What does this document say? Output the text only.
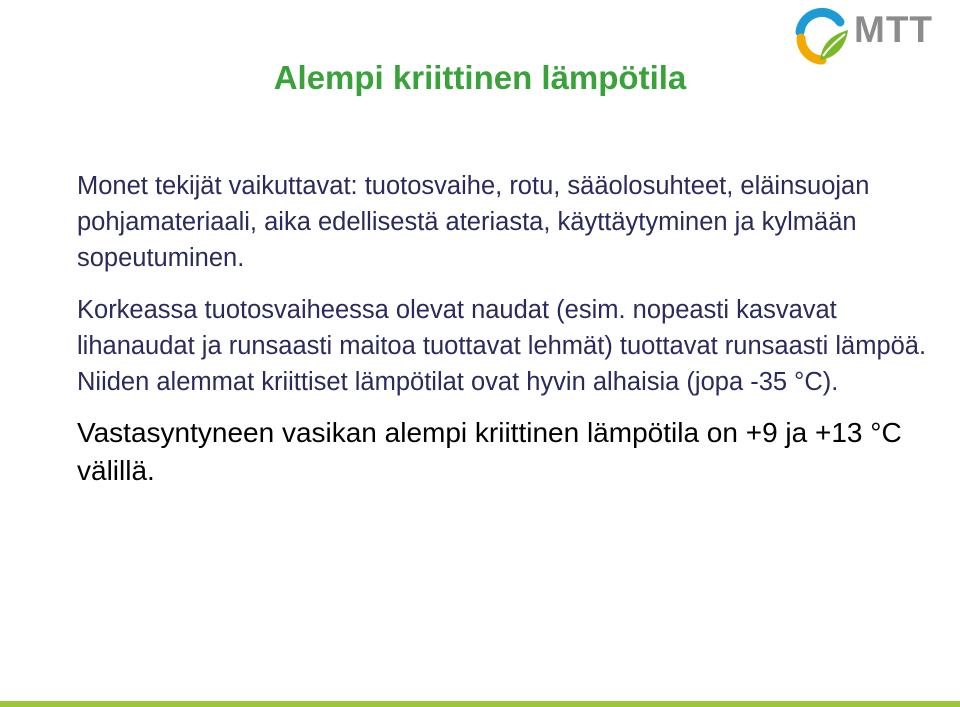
MTT
Alempi kriittinen lämpötila

Monet tekijät vaikuttavat: tuotosvaihe, rotu, sääolosuhteet, eläinsuojan pohjamateriaali, aika edellisestä ateriasta, käyttäytyminen ja kylmään sopeutuminen.

Korkeassa tuotosvaiheessa olevat naudat (esim. nopeasti kasvavat lihanaudat ja runsaasti maitoa tuottavat lehmät) tuottavat runsaasti lämpöä. Niiden alemmat kriittiset lämpötilat ovat hyvin alhaisia (jopa -35 °C).

Vastasyntyneen vasikan alempi kriittinen lämpötila on +9 ja +13 °C välillä.
